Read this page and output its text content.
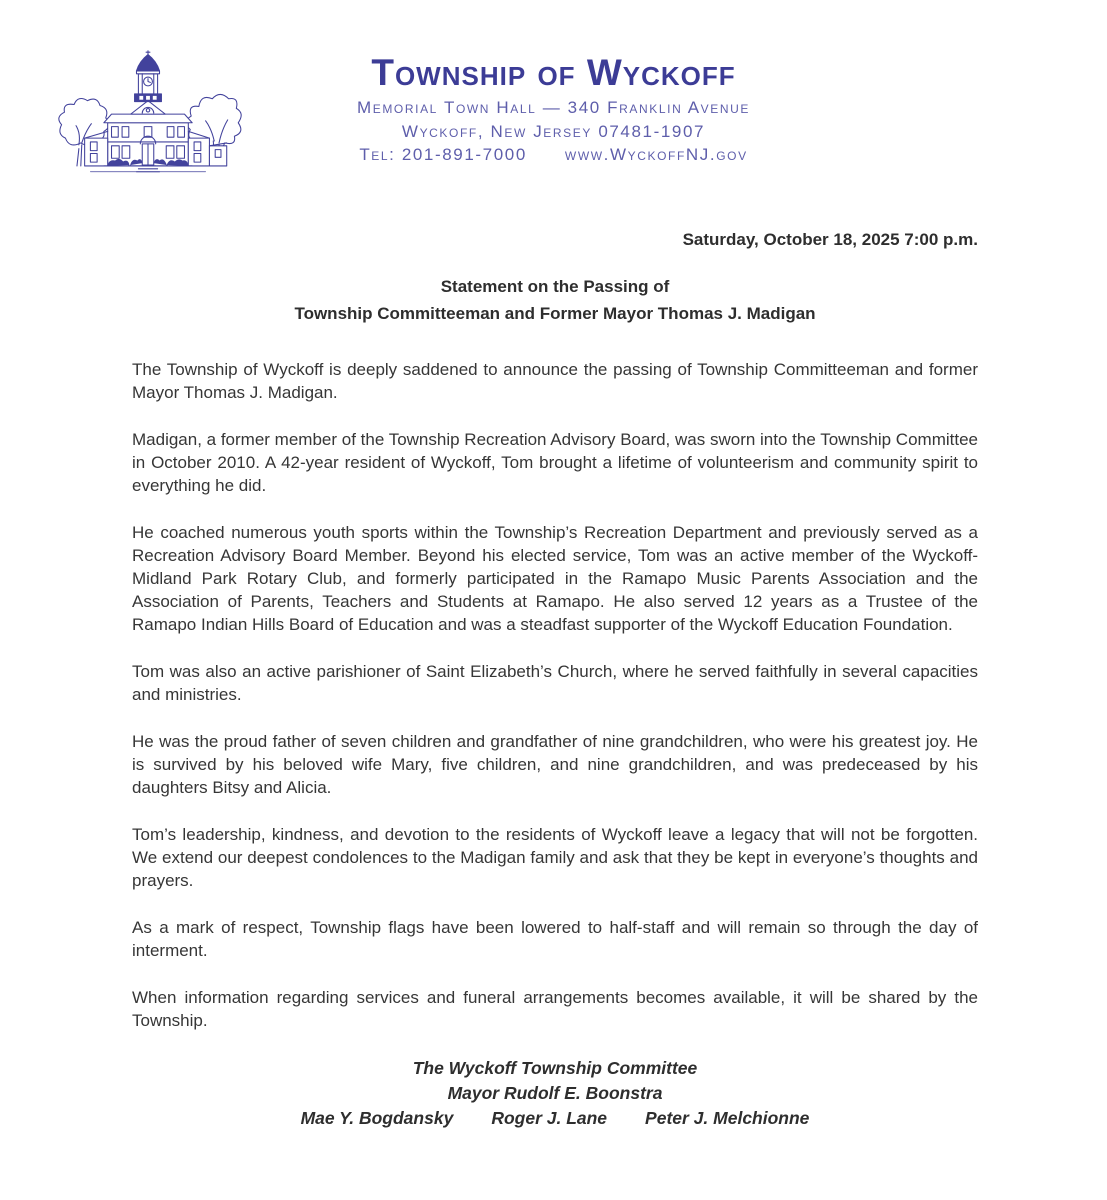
Township of Wyckoff
Memorial Town Hall — 340 Franklin Avenue
Wyckoff, New Jersey 07481-1907
Tel: 201-891-7000 www.WyckoffNJ.gov
Saturday, October 18, 2025 7:00 p.m.
Statement on the Passing of
Township Committeeman and Former Mayor Thomas J. Madigan

The Township of Wyckoff is deeply saddened to announce the passing of Township Committeeman and former Mayor Thomas J. Madigan.

Madigan, a former member of the Township Recreation Advisory Board, was sworn into the Township Committee in October 2010. A 42-year resident of Wyckoff, Tom brought a lifetime of volunteerism and community spirit to everything he did.

He coached numerous youth sports within the Township’s Recreation Department and previously served as a Recreation Advisory Board Member. Beyond his elected service, Tom was an active member of the Wyckoff-Midland Park Rotary Club, and formerly participated in the Ramapo Music Parents Association and the Association of Parents, Teachers and Students at Ramapo. He also served 12 years as a Trustee of the Ramapo Indian Hills Board of Education and was a steadfast supporter of the Wyckoff Education Foundation.

Tom was also an active parishioner of Saint Elizabeth’s Church, where he served faithfully in several capacities and ministries.

He was the proud father of seven children and grandfather of nine grandchildren, who were his greatest joy. He is survived by his beloved wife Mary, five children, and nine grandchildren, and was predeceased by his daughters Bitsy and Alicia.

Tom’s leadership, kindness, and devotion to the residents of Wyckoff leave a legacy that will not be forgotten. We extend our deepest condolences to the Madigan family and ask that they be kept in everyone’s thoughts and prayers.

As a mark of respect, Township flags have been lowered to half-staff and will remain so through the day of interment.

When information regarding services and funeral arrangements becomes available, it will be shared by the Township.

The Wyckoff Township Committee
Mayor Rudolf E. Boonstra
Mae Y. Bogdansky Roger J. Lane Peter J. Melchionne
